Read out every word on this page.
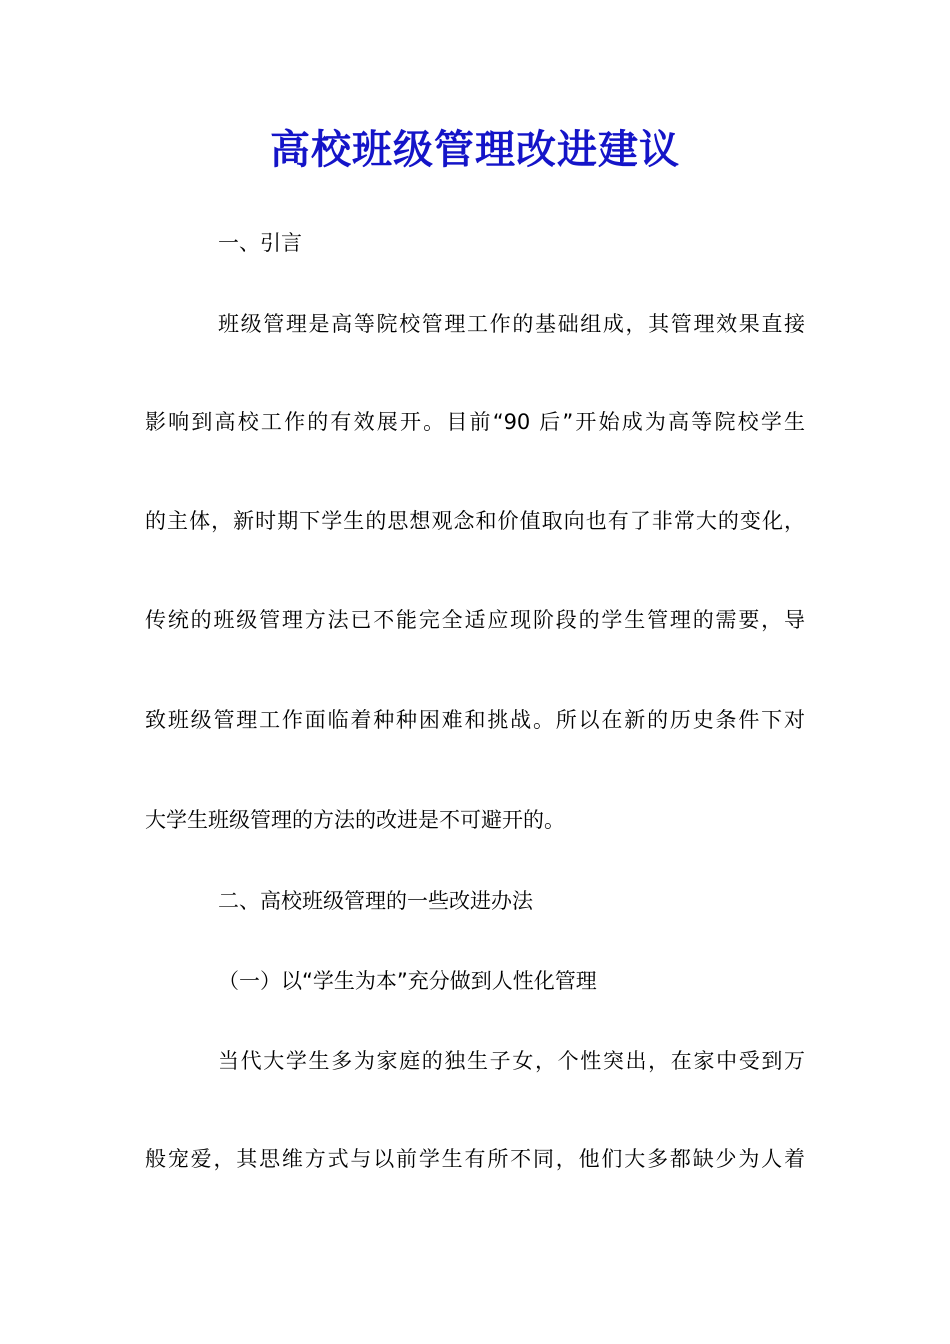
高校班级管理改进建议
一、引言
班级管理是高等院校管理工作的基础组成，其管理效果直接
影响到高校工作的有效展开。目前“90 后”开始成为高等院校学生
的主体，新时期下学生的思想观念和价值取向也有了非常大的变化，
传统的班级管理方法已不能完全适应现阶段的学生管理的需要，导
致班级管理工作面临着种种困难和挑战。所以在新的历史条件下对
大学生班级管理的方法的改进是不可避开的。
二、高校班级管理的一些改进办法
（一）以“学生为本”充分做到人性化管理
当代大学生多为家庭的独生子女，个性突出，在家中受到万
般宠爱，其思维方式与以前学生有所不同，他们大多都缺少为人着
